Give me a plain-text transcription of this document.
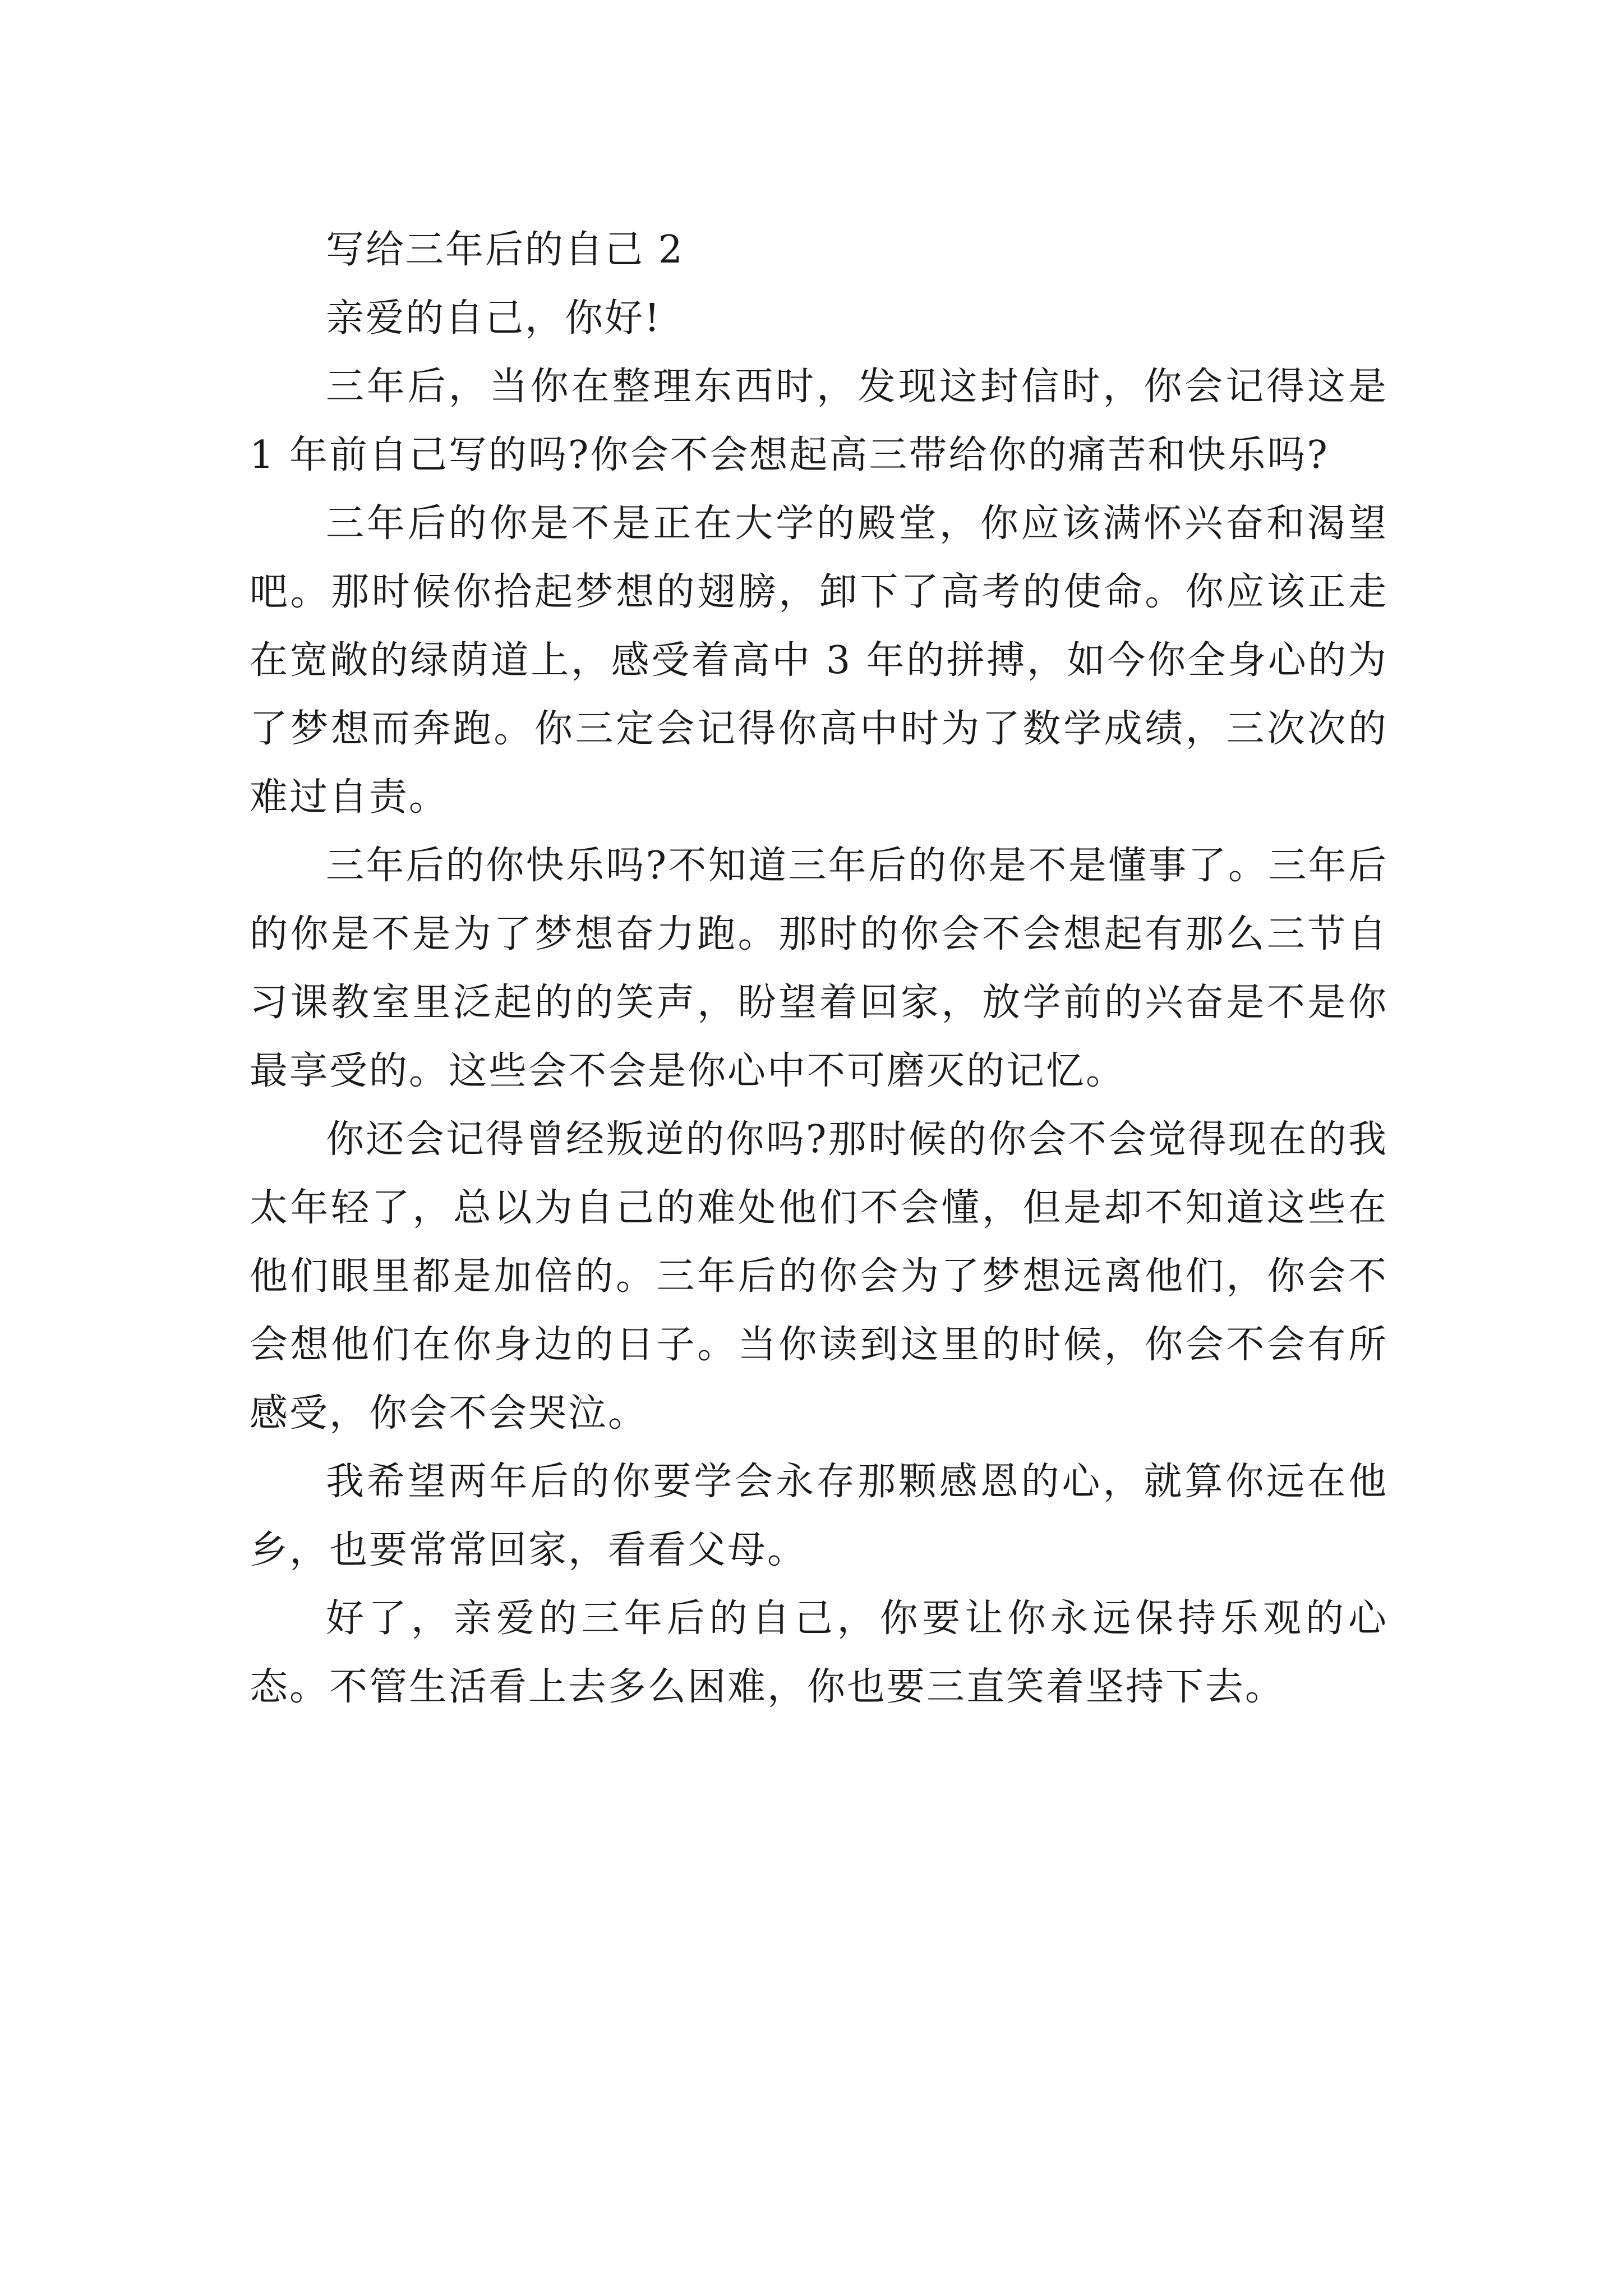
写给三年后的自己 2

亲爱的自己，你好!

三年后，当你在整理东西时，发现这封信时，你会记得这是 1 年前自己写的吗?你会不会想起高三带给你的痛苦和快乐吗?

三年后的你是不是正在大学的殿堂，你应该满怀兴奋和渴望吧。那时候你拾起梦想的翅膀，卸下了高考的使命。你应该正走在宽敞的绿荫道上，感受着高中 3 年的拼搏，如今你全身心的为了梦想而奔跑。你三定会记得你高中时为了数学成绩，三次次的难过自责。

三年后的你快乐吗?不知道三年后的你是不是懂事了。三年后的你是不是为了梦想奋力跑。那时的你会不会想起有那么三节自习课教室里泛起的的笑声，盼望着回家，放学前的兴奋是不是你最享受的。这些会不会是你心中不可磨灭的记忆。

你还会记得曾经叛逆的你吗?那时候的你会不会觉得现在的我太年轻了，总以为自己的难处他们不会懂，但是却不知道这些在他们眼里都是加倍的。三年后的你会为了梦想远离他们，你会不会想他们在你身边的日子。当你读到这里的时候，你会不会有所感受，你会不会哭泣。

我希望两年后的你要学会永存那颗感恩的心，就算你远在他乡，也要常常回家，看看父母。

好了，亲爱的三年后的自己，你要让你永远保持乐观的心态。不管生活看上去多么困难，你也要三直笑着坚持下去。
